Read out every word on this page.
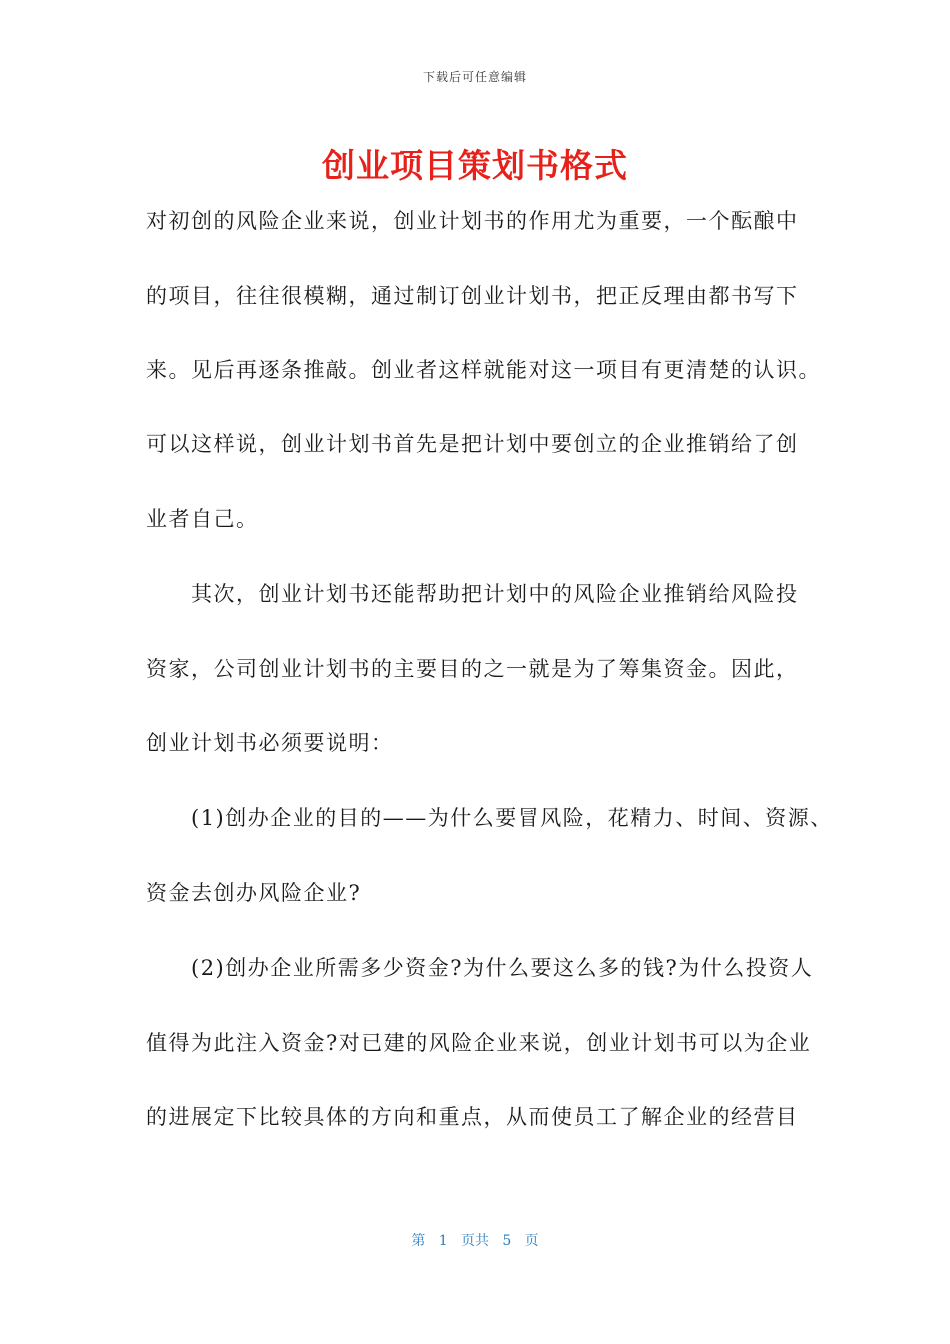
下载后可任意编辑
创业项目策划书格式
对初创的风险企业来说，创业计划书的作用尤为重要，一个酝酿中
的项目，往往很模糊，通过制订创业计划书，把正反理由都书写下
来。见后再逐条推敲。创业者这样就能对这一项目有更清楚的认识。
可以这样说，创业计划书首先是把计划中要创立的企业推销给了创
业者自己。
其次，创业计划书还能帮助把计划中的风险企业推销给风险投
资家，公司创业计划书的主要目的之一就是为了筹集资金。因此，
创业计划书必须要说明：
(1)创办企业的目的——为什么要冒风险，花精力、时间、资源、
资金去创办风险企业?
(2)创办企业所需多少资金?为什么要这么多的钱?为什么投资人
值得为此注入资金?对已建的风险企业来说，创业计划书可以为企业
的进展定下比较具体的方向和重点，从而使员工了解企业的经营目
第 1 页共 5 页
